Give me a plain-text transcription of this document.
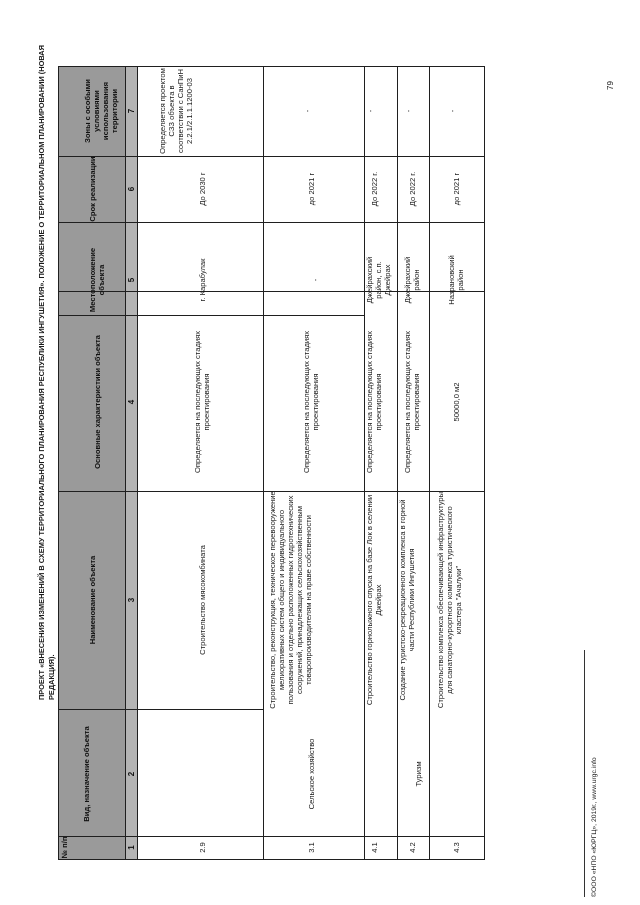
ПРОЕКТ «ВНЕСЕНИЯ ИЗМЕНЕНИЙ В СХЕМУ ТЕРРИТОРИАЛЬНОГО ПЛАНИРОВАНИЯ РЕСПУБЛИКИ ИНГУШЕТИЯ». ПОЛОЖЕНИЕ О ТЕРРИТОРИАЛЬНОМ ПЛАНИРОВАНИИ (НОВАЯ РЕДАКЦИЯ).
№ п/п
Вид, назначение объекта
Наименование объекта
Основные характеристики объекта
Местоположение объекта
Срок реализации
Зоны с особыми условиями использования территории
1
2
3
4
5
6
7
2.9
Строительство мясокомбината
Определяется на последующих стадиях проектирования
г. Карабулак
До 2030 г
Определяется проектом СЗЗ объекта в соответствии с СанПиН 2.2.1/2.1.1.1200-03
3.1
Сельское хозяйство
Строительство, реконструкция, техническое перевооружение мелиоративных систем общего и индивидуального пользования и отдельно расположенных гидротехнических сооружений, принадлежащих сельскохозяйственным товаропроизводителям на праве собственности
Определяется на последующих стадиях проектирования
-
до 2021 г
-
4.1
Строительство горнолыжного спуска на базе Лок в селении Джейрах
Определяется на последующих стадиях проектирования
Джейрахский район, с.п. Джейрах
До 2022 г.
-
4.2
Туризм
Создание туристско-рекреационного комплекса в горной части Республики Ингушетия
Определяется на последующих стадиях проектирования
Джейрахский район
До 2022 г.
-
4.3
Строительство комплекса обеспечивающей инфраструктуры для санаторно-курортного комплекса туристического кластера "Ачалуки"
50000,0 м2
Назрановский район
до 2021 г
-
©ООО «НПО «ЮРГЦ», 2019г., www.urgc.info
79
